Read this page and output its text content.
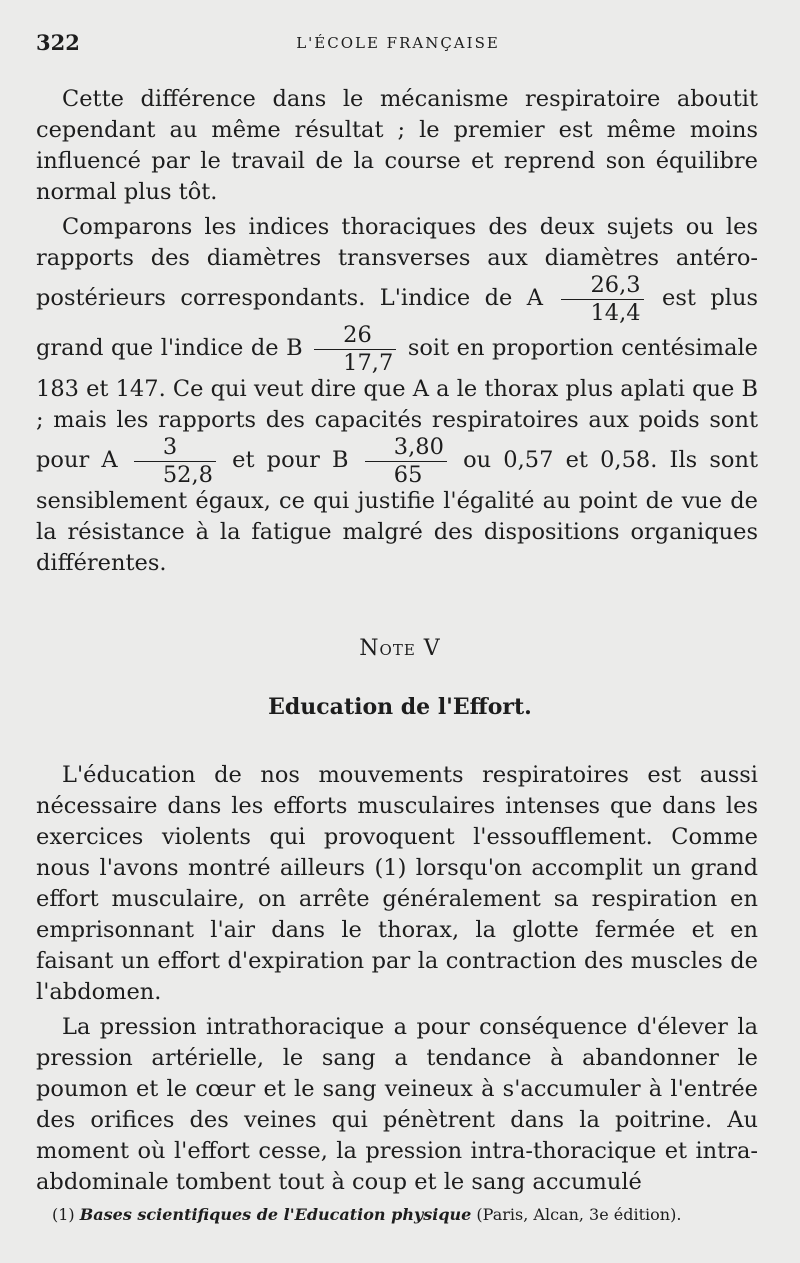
322	L'ÉCOLE FRANÇAISE

Cette différence dans le mécanisme respiratoire aboutit cependant au même résultat ; le premier est même moins influencé par le travail de la course et reprend son équilibre normal plus tôt.

Comparons les indices thoraciques des deux sujets ou les rapports des diamètres transverses aux diamètres antéro-postérieurs correspondants. L'indice de A $\frac{26,3}{14,4}$ est plus grand que l'indice de B $\frac{26}{17,7}$ soit en proportion centésimale 183 et 147. Ce qui veut dire que A a le thorax plus aplati que B ; mais les rapports des capacités respiratoires aux poids sont pour A $\frac{3}{52,8}$ et pour B $\frac{3,80}{65}$ ou 0,57 et 0,58. Ils sont sensiblement égaux, ce qui justifie l'égalité au point de vue de la résistance à la fatigue malgré des dispositions organiques différentes.

Note V
Education de l'Effort.

L'éducation de nos mouvements respiratoires est aussi nécessaire dans les efforts musculaires intenses que dans les exercices violents qui provoquent l'essoufflement. Comme nous l'avons montré ailleurs (1) lorsqu'on accomplit un grand effort musculaire, on arrête généralement sa respiration en emprisonnant l'air dans le thorax, la glotte fermée et en faisant un effort d'expiration par la contraction des muscles de l'abdomen.

La pression intrathoracique a pour conséquence d'élever la pression artérielle, le sang a tendance à abandonner le poumon et le cœur et le sang veineux à s'accumuler à l'entrée des orifices des veines qui pénètrent dans la poitrine. Au moment où l'effort cesse, la pression intra-thoracique et intra-abdominale tombent tout à coup et le sang accumulé

(1) Bases scientifiques de l'Education physique (Paris, Alcan, 3e édition).
